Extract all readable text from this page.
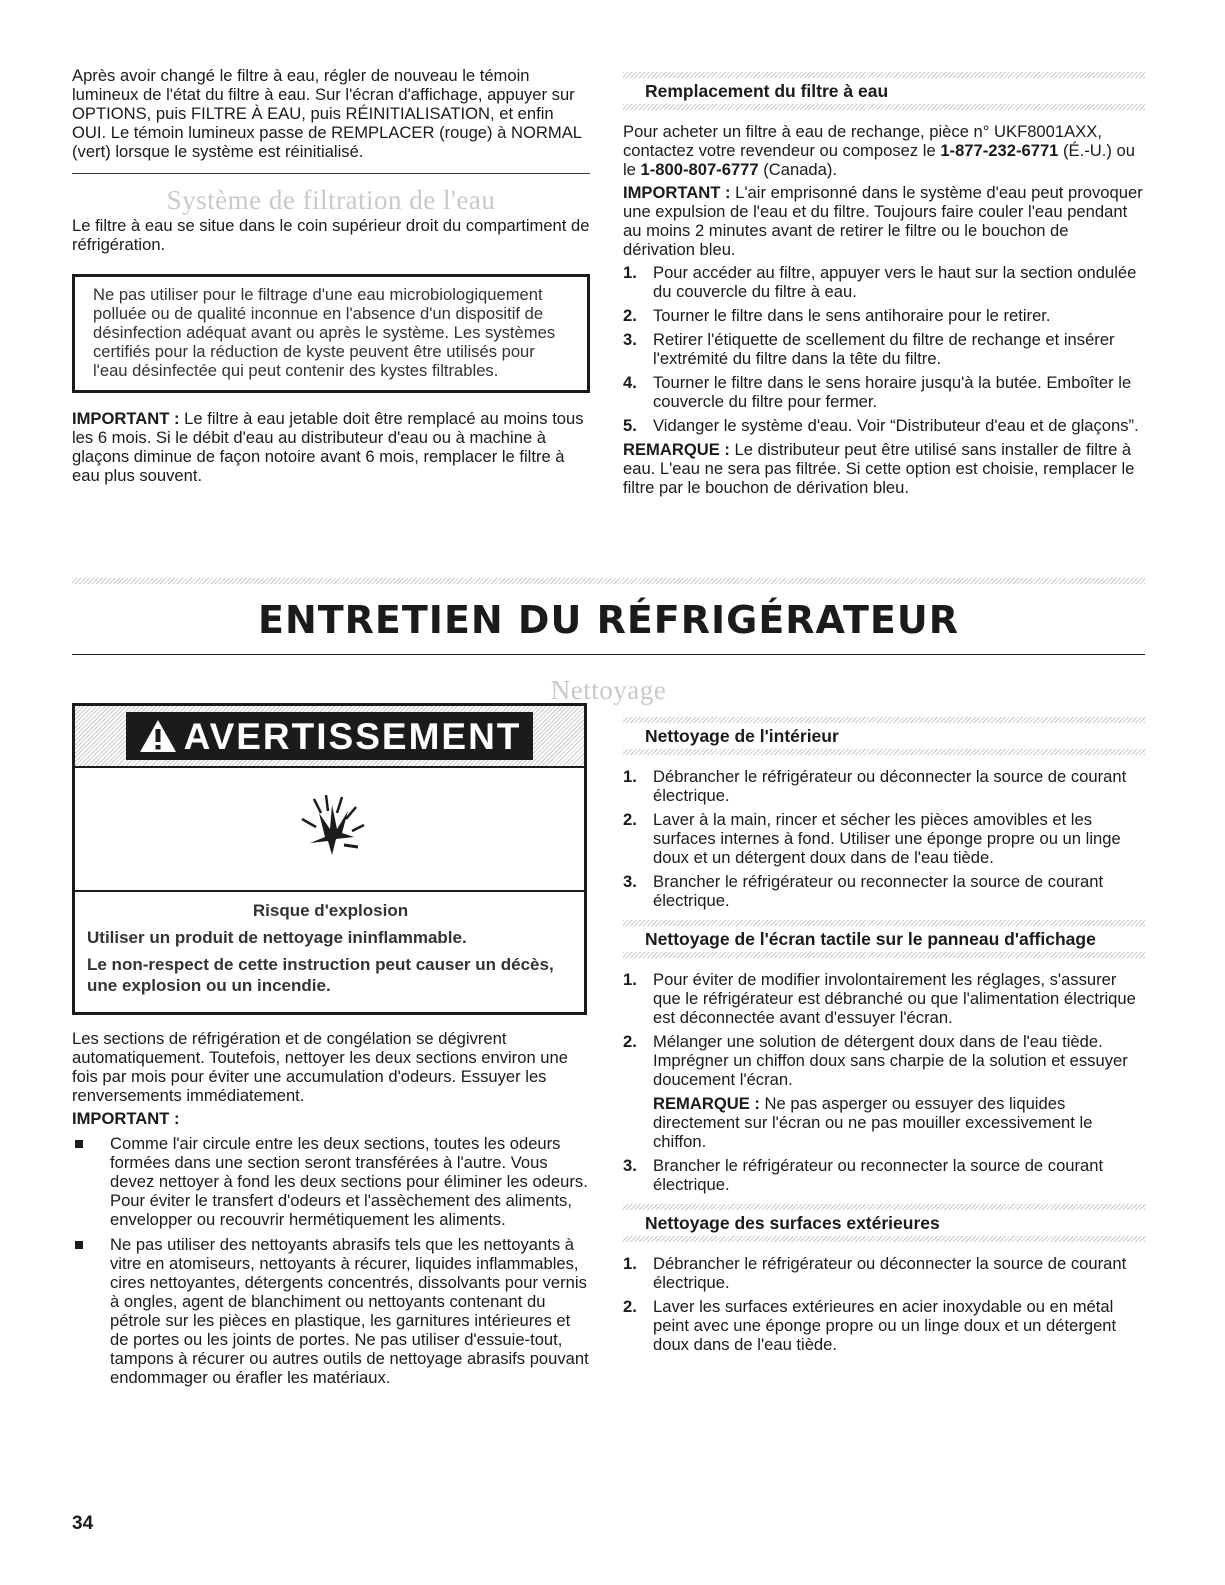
Après avoir changé le filtre à eau, régler de nouveau le témoin lumineux de l'état du filtre à eau. Sur l'écran d'affichage, appuyer sur OPTIONS, puis FILTRE À EAU, puis RÉINITIALISATION, et enfin OUI. Le témoin lumineux passe de REMPLACER (rouge) à NORMAL (vert) lorsque le système est réinitialisé.

Système de filtration de l'eau

Le filtre à eau se situe dans le coin supérieur droit du compartiment de réfrigération.

Ne pas utiliser pour le filtrage d'une eau microbiologiquement polluée ou de qualité inconnue en l'absence d'un dispositif de désinfection adéquat avant ou après le système. Les systèmes certifiés pour la réduction de kyste peuvent être utilisés pour l'eau désinfectée qui peut contenir des kystes filtrables.

IMPORTANT : Le filtre à eau jetable doit être remplacé au moins tous les 6 mois. Si le débit d'eau au distributeur d'eau ou à machine à glaçons diminue de façon notoire avant 6 mois, remplacer le filtre à eau plus souvent.

Remplacement du filtre à eau

Pour acheter un filtre à eau de rechange, pièce n° UKF8001AXX, contactez votre revendeur ou composez le 1-877-232-6771 (É.-U.) ou le 1-800-807-6777 (Canada).

IMPORTANT : L'air emprisonné dans le système d'eau peut provoquer une expulsion de l'eau et du filtre. Toujours faire couler l'eau pendant au moins 2 minutes avant de retirer le filtre ou le bouchon de dérivation bleu.

1. Pour accéder au filtre, appuyer vers le haut sur la section ondulée du couvercle du filtre à eau.
2. Tourner le filtre dans le sens antihoraire pour le retirer.
3. Retirer l'étiquette de scellement du filtre de rechange et insérer l'extrémité du filtre dans la tête du filtre.
4. Tourner le filtre dans le sens horaire jusqu'à la butée. Emboîter le couvercle du filtre pour fermer.
5. Vidanger le système d'eau. Voir “Distributeur d'eau et de glaçons”.

REMARQUE : Le distributeur peut être utilisé sans installer de filtre à eau. L'eau ne sera pas filtrée. Si cette option est choisie, remplacer le filtre par le bouchon de dérivation bleu.

ENTRETIEN DU RÉFRIGÉRATEUR
Nettoyage
AVERTISSEMENT
Risque d'explosion

Utiliser un produit de nettoyage ininflammable.

Le non-respect de cette instruction peut causer un décès, une explosion ou un incendie.

Les sections de réfrigération et de congélation se dégivrent automatiquement. Toutefois, nettoyer les deux sections environ une fois par mois pour éviter une accumulation d'odeurs. Essuyer les renversements immédiatement.

IMPORTANT :

Comme l'air circule entre les deux sections, toutes les odeurs formées dans une section seront transférées à l'autre. Vous devez nettoyer à fond les deux sections pour éliminer les odeurs. Pour éviter le transfert d'odeurs et l'assèchement des aliments, envelopper ou recouvrir hermétiquement les aliments.
Ne pas utiliser des nettoyants abrasifs tels que les nettoyants à vitre en atomiseurs, nettoyants à récurer, liquides inflammables, cires nettoyantes, détergents concentrés, dissolvants pour vernis à ongles, agent de blanchiment ou nettoyants contenant du pétrole sur les pièces en plastique, les garnitures intérieures et de portes ou les joints de portes. Ne pas utiliser d'essuie-tout, tampons à récurer ou autres outils de nettoyage abrasifs pouvant endommager ou érafler les matériaux.
Nettoyage de l'intérieur
1. Débrancher le réfrigérateur ou déconnecter la source de courant électrique.
2. Laver à la main, rincer et sécher les pièces amovibles et les surfaces internes à fond. Utiliser une éponge propre ou un linge doux et un détergent doux dans de l'eau tiède.
3. Brancher le réfrigérateur ou reconnecter la source de courant électrique.
Nettoyage de l'écran tactile sur le panneau d'affichage
1. Pour éviter de modifier involontairement les réglages, s'assurer que le réfrigérateur est débranché ou que l'alimentation électrique est déconnectée avant d'essuyer l'écran.
2. Mélanger une solution de détergent doux dans de l'eau tiède. Imprégner un chiffon doux sans charpie de la solution et essuyer doucement l'écran.

REMARQUE : Ne pas asperger ou essuyer des liquides directement sur l'écran ou ne pas mouiller excessivement le chiffon.

3. Brancher le réfrigérateur ou reconnecter la source de courant électrique.
Nettoyage des surfaces extérieures
1. Débrancher le réfrigérateur ou déconnecter la source de courant électrique.
2. Laver les surfaces extérieures en acier inoxydable ou en métal peint avec une éponge propre ou un linge doux et un détergent doux dans de l'eau tiède.
34
